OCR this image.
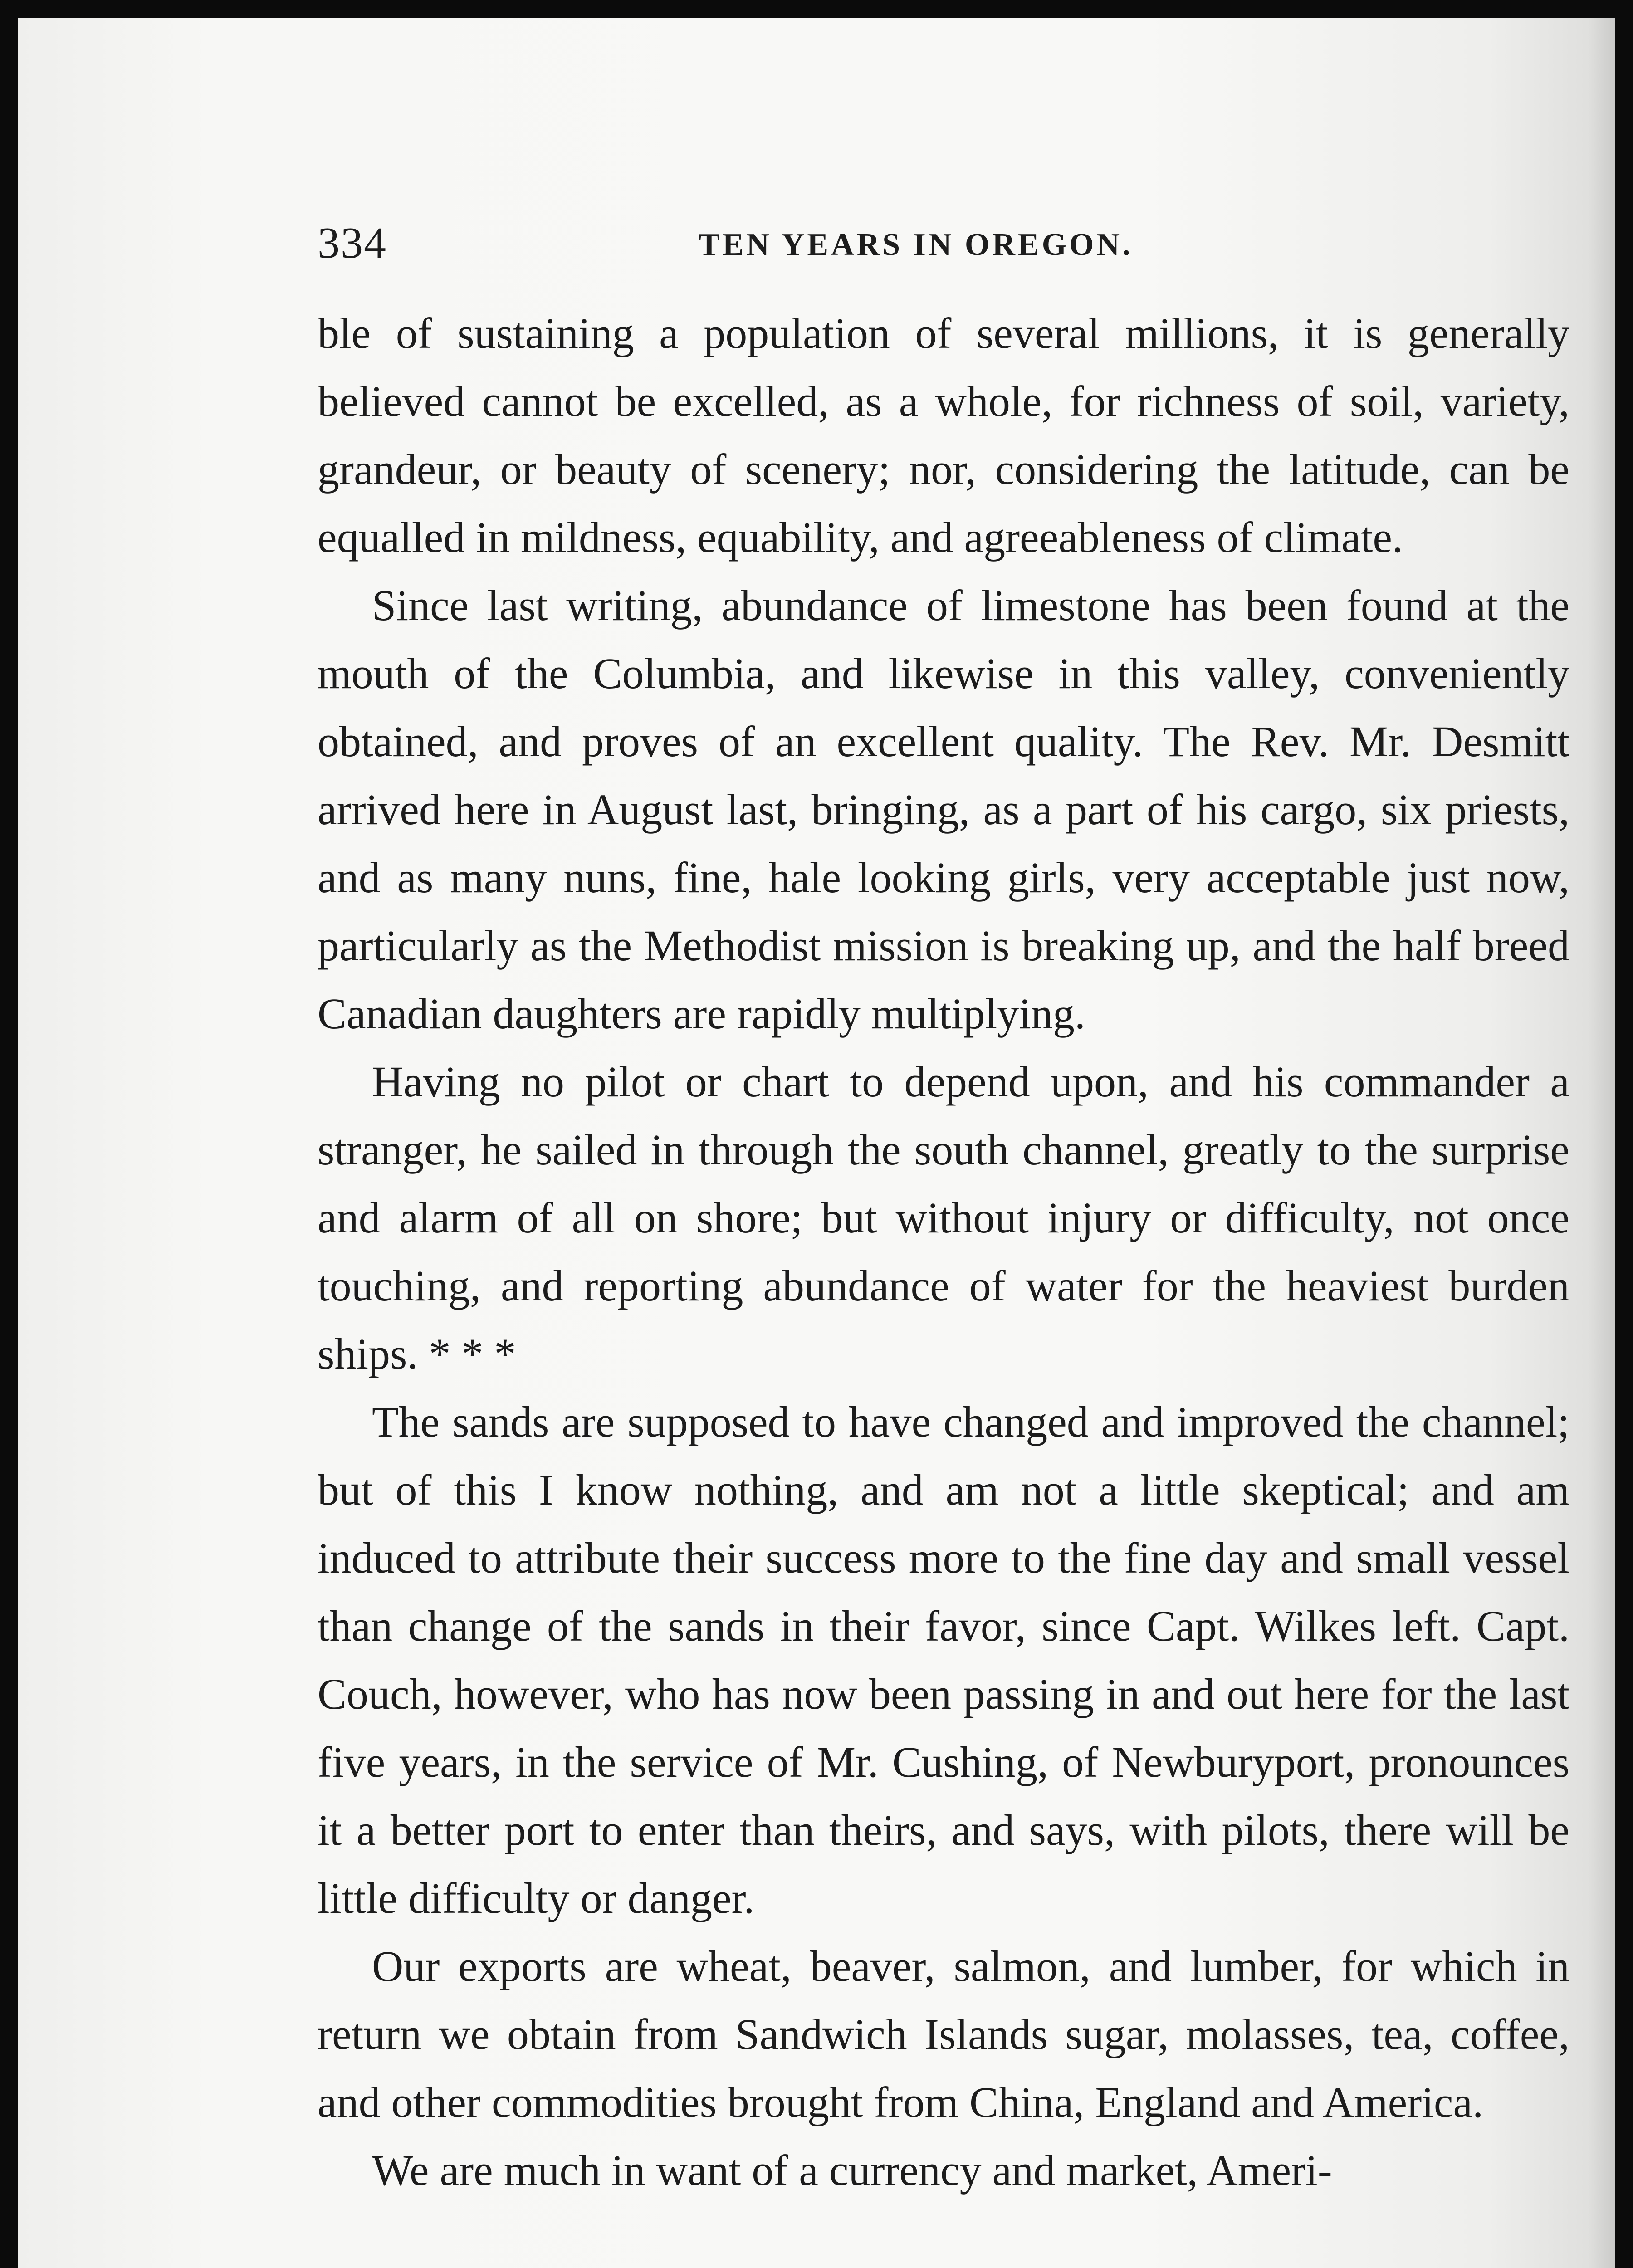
334	TEN YEARS IN OREGON.

ble of sustaining a population of several millions, it is generally believed cannot be excelled, as a whole, for richness of soil, variety, grandeur, or beauty of scenery; nor, considering the latitude, can be equalled in mildness, equability, and agreeableness of climate.

Since last writing, abundance of limestone has been found at the mouth of the Columbia, and likewise in this valley, conveniently obtained, and proves of an excellent quality. The Rev. Mr. Desmitt arrived here in August last, bringing, as a part of his cargo, six priests, and as many nuns, fine, hale looking girls, very acceptable just now, particularly as the Methodist mission is breaking up, and the half breed Canadian daughters are rapidly multiplying.

Having no pilot or chart to depend upon, and his commander a stranger, he sailed in through the south channel, greatly to the surprise and alarm of all on shore; but without injury or difficulty, not once touching, and reporting abundance of water for the heaviest burden ships. * * *

The sands are supposed to have changed and improved the channel; but of this I know nothing, and am not a little skeptical; and am induced to attribute their success more to the fine day and small vessel than change of the sands in their favor, since Capt. Wilkes left. Capt. Couch, however, who has now been passing in and out here for the last five years, in the service of Mr. Cushing, of Newburyport, pronounces it a better port to enter than theirs, and says, with pilots, there will be little difficulty or danger.

Our exports are wheat, beaver, salmon, and lumber, for which in return we obtain from Sandwich Islands sugar, molasses, tea, coffee, and other commodities brought from China, England and America.

We are much in want of a currency and market, Ameri-
